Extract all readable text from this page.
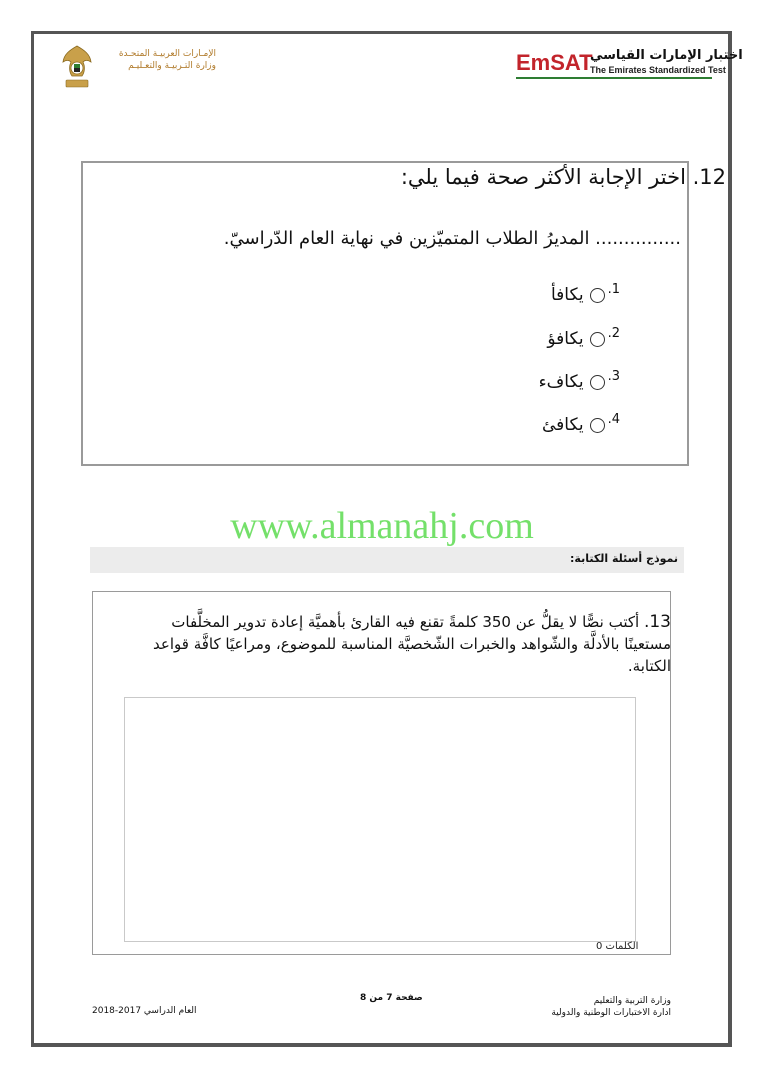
EmSAT
اختبار الإمارات القياسي
The Emirates Standardized Test
الإمـارات العربيـة المتحـدة
وزارة التـربيـة والتعـليـم
12. اختر الإجابة الأكثر صحة فيما يلي:
............... المديرُ الطلاب المتميّزين في نهاية العام الدّراسيّ.
1.
يكافأ
2.
يكافؤ
3.
يكافء
4.
يكافئ
www.almanahj.com
نموذج أسئلة الكتابة:
13. أكتب نصًّا لا يقلُّ عن 350 كلمةً تقنع فيه القارئ بأهميَّة إعادة تدوير المخلَّفات مستعينًا بالأدلَّة والشّواهد والخبرات الشّخصيَّة المناسبة للموضوع، ومراعيًا كافَّة قواعد الكتابة.
الكلمات 0
وزارة التربية والتعليم
ادارة الاختبارات الوطنية والدولية
صفحة 7 من 8
العام الدراسي 2017-2018
